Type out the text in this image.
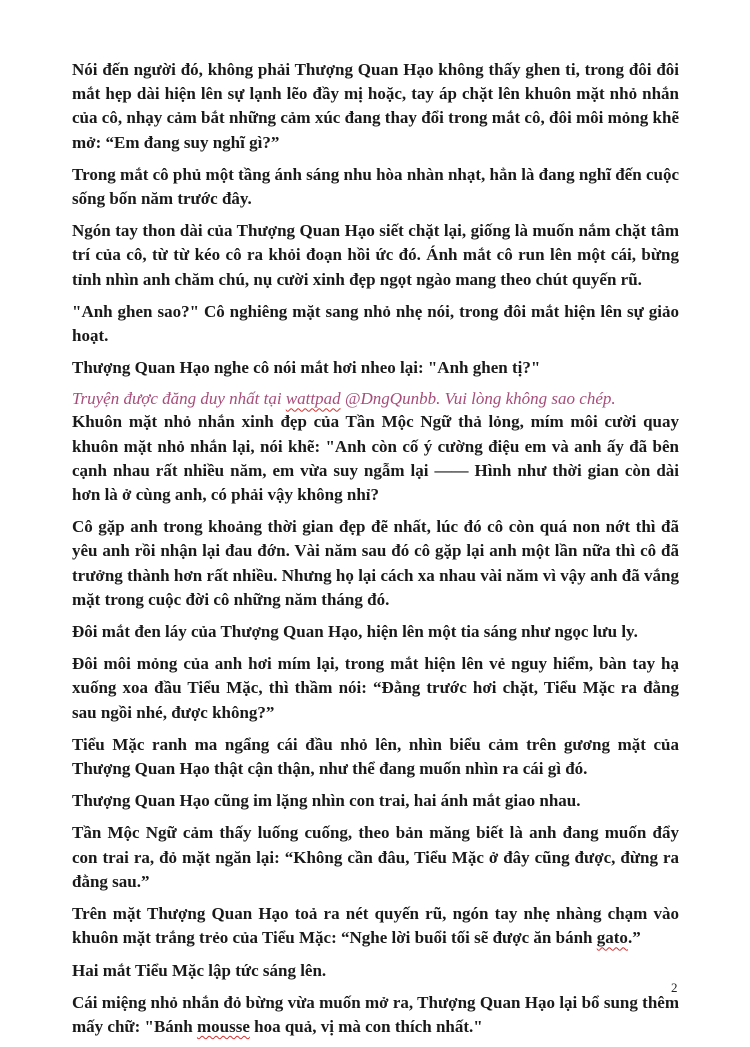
Nói đến người đó, không phải Thượng Quan Hạo không thấy ghen ti, trong đôi đôi mắt hẹp dài hiện lên sự lạnh lẽo đầy mị hoặc, tay áp chặt lên khuôn mặt nhỏ nhắn của cô, nhạy cảm bắt những cảm xúc đang thay đổi trong mắt cô, đôi môi mỏng khẽ mở: “Em đang suy nghĩ gì?”

Trong mắt cô phủ một tầng ánh sáng nhu hòa nhàn nhạt, hẳn là đang nghĩ đến cuộc sống bốn năm trước đây.

Ngón tay thon dài của Thượng Quan Hạo siết chặt lại, giống là muốn nắm chặt tâm trí của cô, từ từ kéo cô ra khỏi đoạn hồi ức đó. Ánh mắt cô run lên một cái, bừng tỉnh nhìn anh chăm chú, nụ cười xinh đẹp ngọt ngào mang theo chút quyến rũ.

"Anh ghen sao?" Cô nghiêng mặt sang nhỏ nhẹ nói, trong đôi mắt hiện lên sự giảo hoạt.

Thượng Quan Hạo nghe cô nói mắt hơi nheo lại: "Anh ghen tị?"

Truyện được đăng duy nhất tại wattpad @DngQunbb. Vui lòng không sao chép.

Khuôn mặt nhỏ nhắn xinh đẹp của Tần Mộc Ngữ thả lỏng, mím môi cười quay khuôn mặt nhỏ nhắn lại, nói khẽ: "Anh còn cố ý cường điệu em và anh ấy đã bên cạnh nhau rất nhiều năm, em vừa suy ngẫm lại —— Hình như thời gian còn dài hơn là ở cùng anh, có phải vậy không nhỉ?

Cô gặp anh trong khoảng thời gian đẹp đẽ nhất, lúc đó cô còn quá non nớt thì đã yêu anh rồi nhận lại đau đớn. Vài năm sau đó cô gặp lại anh một lần nữa thì cô đã trưởng thành hơn rất nhiều. Nhưng họ lại cách xa nhau vài năm vì vậy anh đã vắng mặt trong cuộc đời cô những năm tháng đó.

Đôi mắt đen láy của Thượng Quan Hạo, hiện lên một tia sáng như ngọc lưu ly.

Đôi môi mỏng của anh hơi mím lại, trong mắt hiện lên vẻ nguy hiểm, bàn tay hạ xuống xoa đầu Tiểu Mặc, thì thầm nói: “Đằng trước hơi chặt, Tiểu Mặc ra đằng sau ngồi nhé, được không?”

Tiểu Mặc ranh ma ngẩng cái đầu nhỏ lên, nhìn biểu cảm trên gương mặt của Thượng Quan Hạo thật cận thận, như thể đang muốn nhìn ra cái gì đó.

Thượng Quan Hạo cũng im lặng nhìn con trai, hai ánh mắt giao nhau.

Tần Mộc Ngữ cảm thấy luống cuống, theo bản măng biết là anh đang muốn đẩy con trai ra, đỏ mặt ngăn lại: “Không cần đâu, Tiểu Mặc ở đây cũng được, đừng ra đằng sau.”

Trên mặt Thượng Quan Hạo toả ra nét quyến rũ, ngón tay nhẹ nhàng chạm vào khuôn mặt trắng trẻo của Tiểu Mặc: “Nghe lời buổi tối sẽ được ăn bánh gato.”

Hai mắt Tiểu Mặc lập tức sáng lên.

Cái miệng nhỏ nhắn đỏ bừng vừa muốn mở ra, Thượng Quan Hạo lại bổ sung thêm mấy chữ: "Bánh mousse hoa quả, vị mà con thích nhất."

2
